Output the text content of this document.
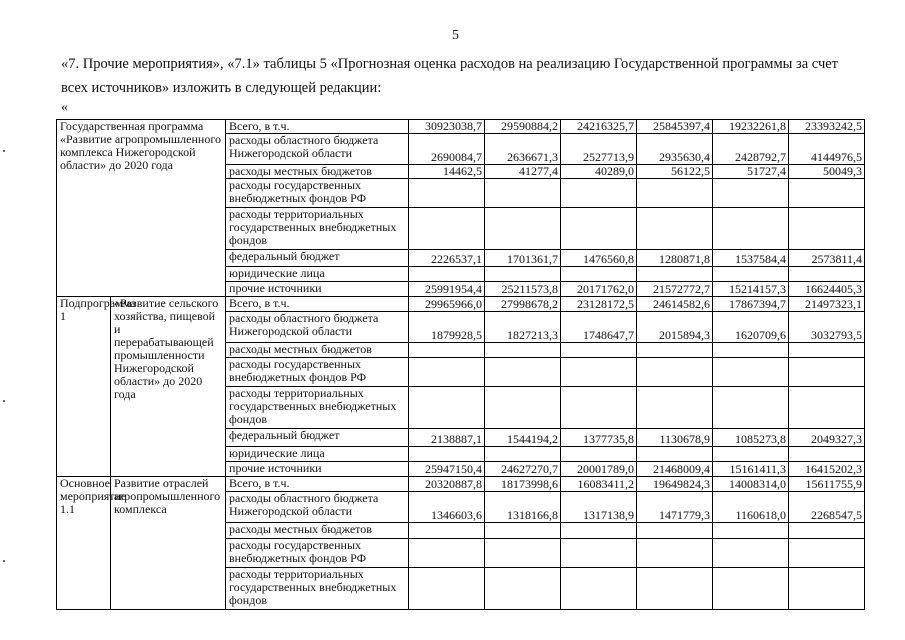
5
«7. Прочие мероприятия», «7.1» таблицы 5 «Прогнозная оценка расходов на реализацию Государственной программы за счет всех источников» изложить в следующей редакции:
«
Государственная программа «Развитие агропромышленного комплекса Нижегородской области» до 2020 года		Всего, в т.ч.	30923038,7	29590884,2	24216325,7	25845397,4	19232261,8	23393242,5
		расходы областного бюджета Нижегородской области	2690084,7	2636671,3	2527713,9	2935630,4	2428792,7	4144976,5
		расходы местных бюджетов	14462,5	41277,4	40289,0	56122,5	51727,4	50049,3
		расходы государственных внебюджетных фондов РФ						
		расходы территориальных государственных внебюджетных фондов						
		федеральный бюджет	2226537,1	1701361,7	1476560,8	1280871,8	1537584,4	2573811,4
		юридические лица						
		прочие источники	25991954,4	25211573,8	20171762,0	21572772,7	15214157,3	16624405,3
Подпрограмма 1	«Развитие сельского хозяйства, пищевой и перерабатывающей промышленности Нижегородской области» до 2020 года	Всего, в т.ч.	29965966,0	27998678,2	23128172,5	24614582,6	17867394,7	21497323,1
		расходы областного бюджета Нижегородской области	1879928,5	1827213,3	1748647,7	2015894,3	1620709,6	3032793,5
		расходы местных бюджетов						
		расходы государственных внебюджетных фондов РФ						
		расходы территориальных государственных внебюджетных фондов						
		федеральный бюджет	2138887,1	1544194,2	1377735,8	1130678,9	1085273,8	2049327,3
		юридические лица						
		прочие источники	25947150,4	24627270,7	20001789,0	21468009,4	15161411,3	16415202,3
Основное мероприятие 1.1	Развитие отраслей агропромышленного комплекса	Всего, в т.ч.	20320887,8	18173998,6	16083411,2	19649824,3	14008314,0	15611755,9
		расходы областного бюджета Нижегородской области	1346603,6	1318166,8	1317138,9	1471779,3	1160618,0	2268547,5
		расходы местных бюджетов						
		расходы государственных внебюджетных фондов РФ						
		расходы территориальных государственных внебюджетных фондов						
